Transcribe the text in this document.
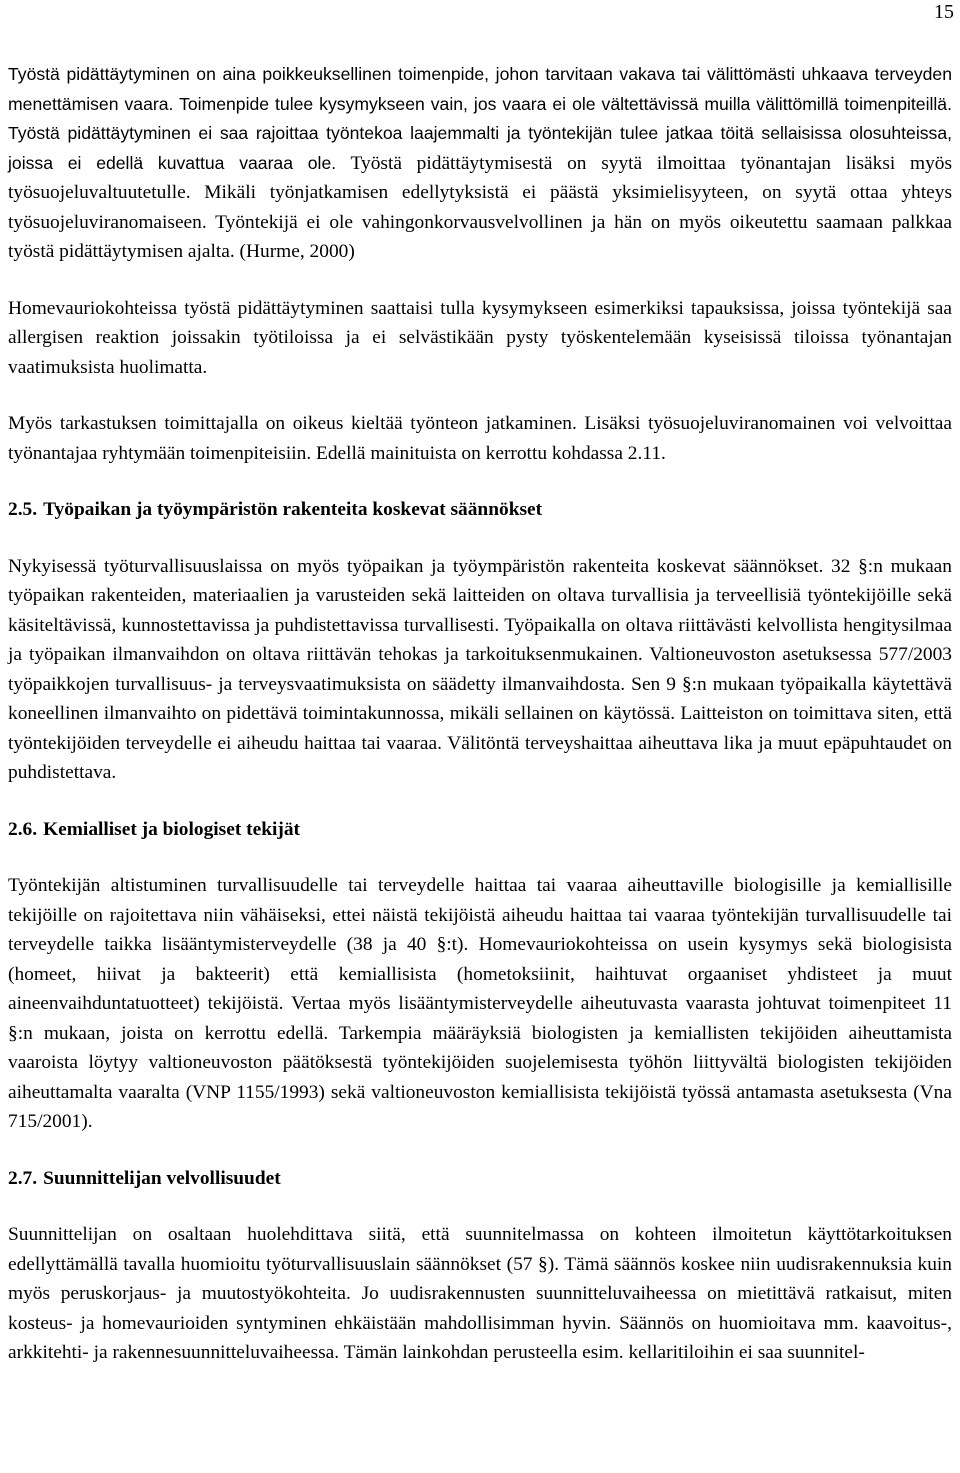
15

Työstä pidättäytyminen on aina poikkeuksellinen toimenpide, johon tarvitaan vakava tai välittömästi uhkaava terveyden menettämisen vaara. Toimenpide tulee kysymykseen vain, jos vaara ei ole vältettävissä muilla välittömillä toimenpiteillä. Työstä pidättäytyminen ei saa rajoittaa työntekoa laajemmalti ja työntekijän tulee jatkaa töitä sellaisissa olosuhteissa, joissa ei edellä kuvattua vaaraa ole. Työstä pidättäytymisestä on syytä ilmoittaa työnantajan lisäksi myös työsuojeluvaltuutetulle. Mikäli työnjatkamisen edellytyksistä ei päästä yksimielisyyteen, on syytä ottaa yhteys työsuojeluviranomaiseen. Työntekijä ei ole vahingonkorvausvelvollinen ja hän on myös oikeutettu saamaan palkkaa työstä pidättäytymisen ajalta. (Hurme, 2000)

Homevauriokohteissa työstä pidättäytyminen saattaisi tulla kysymykseen esimerkiksi tapauksissa, joissa työntekijä saa allergisen reaktion joissakin työtiloissa ja ei selvästikään pysty työskentelemään kyseisissä tiloissa työnantajan vaatimuksista huolimatta.

Myös tarkastuksen toimittajalla on oikeus kieltää työnteon jatkaminen. Lisäksi työsuojeluviranomainen voi velvoittaa työnantajaa ryhtymään toimenpiteisiin. Edellä mainituista on kerrottu kohdassa 2.11.

2.5. Työpaikan ja työympäristön rakenteita koskevat säännökset

Nykyisessä työturvallisuuslaissa on myös työpaikan ja työympäristön rakenteita koskevat säännökset. 32 §:n mukaan työpaikan rakenteiden, materiaalien ja varusteiden sekä laitteiden on oltava turvallisia ja terveellisiä työntekijöille sekä käsiteltävissä, kunnostettavissa ja puhdistettavissa turvallisesti. Työpaikalla on oltava riittävästi kelvollista hengitysilmaa ja työpaikan ilmanvaihdon on oltava riittävän tehokas ja tarkoituksenmukainen. Valtioneuvoston asetuksessa 577/2003 työpaikkojen turvallisuus- ja terveysvaatimuksista on säädetty ilmanvaihdosta. Sen 9 §:n mukaan työpaikalla käytettävä koneellinen ilmanvaihto on pidettävä toimintakunnossa, mikäli sellainen on käytössä. Laitteiston on toimittava siten, että työntekijöiden terveydelle ei aiheudu haittaa tai vaaraa. Välitöntä terveyshaittaa aiheuttava lika ja muut epäpuhtaudet on puhdistettava.

2.6. Kemialliset ja biologiset tekijät

Työntekijän altistuminen turvallisuudelle tai terveydelle haittaa tai vaaraa aiheuttaville biologisille ja kemiallisille tekijöille on rajoitettava niin vähäiseksi, ettei näistä tekijöistä aiheudu haittaa tai vaaraa työntekijän turvallisuudelle tai terveydelle taikka lisääntymisterveydelle (38 ja 40 §:t). Homevauriokohteissa on usein kysymys sekä biologisista (homeet, hiivat ja bakteerit) että kemiallisista (hometoksiinit, haihtuvat orgaaniset yhdisteet ja muut aineenvaihduntatuotteet) tekijöistä. Vertaa myös lisääntymisterveydelle aiheutuvasta vaarasta johtuvat toimenpiteet 11 §:n mukaan, joista on kerrottu edellä. Tarkempia määräyksiä biologisten ja kemiallisten tekijöiden aiheuttamista vaaroista löytyy valtioneuvoston päätöksestä työntekijöiden suojelemisesta työhön liittyvältä biologisten tekijöiden aiheuttamalta vaaralta (VNP 1155/1993) sekä valtioneuvoston kemiallisista tekijöistä työssä antamasta asetuksesta (Vna 715/2001).

2.7. Suunnittelijan velvollisuudet

Suunnittelijan on osaltaan huolehdittava siitä, että suunnitelmassa on kohteen ilmoitetun käyttötarkoituksen edellyttämällä tavalla huomioitu työturvallisuuslain säännökset (57 §). Tämä säännös koskee niin uudisrakennuksia kuin myös peruskorjaus- ja muutostyökohteita. Jo uudisrakennusten suunnitteluvaiheessa on mietittävä ratkaisut, miten kosteus- ja homevaurioiden syntyminen ehkäistään mahdollisimman hyvin. Säännös on huomioitava mm. kaavoitus-, arkkitehti- ja rakennesuunnitteluvaiheessa. Tämän lainkohdan perusteella esim. kellaritiloihin ei saa suunnitel-
